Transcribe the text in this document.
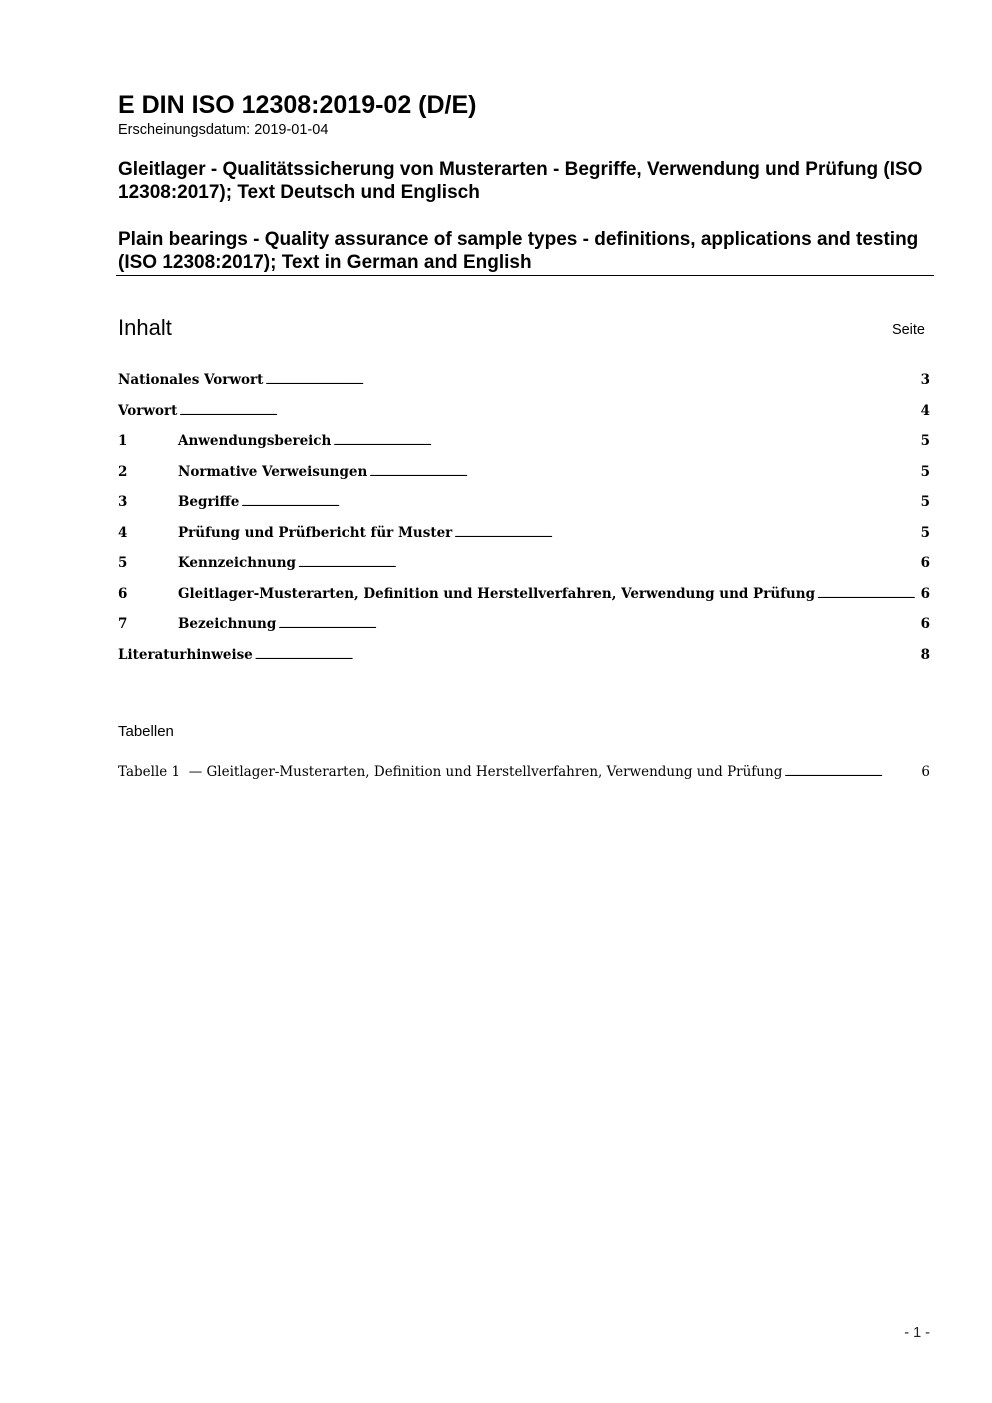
E DIN ISO 12308:2019-02 (D/E)
Erscheinungsdatum: 2019-01-04
Gleitlager - Qualitätssicherung von Musterarten - Begriffe, Verwendung und Prüfung (ISO 12308:2017); Text Deutsch und Englisch
Plain bearings - Quality assurance of sample types - definitions, applications and testing (ISO 12308:2017); Text in German and English
Inhalt	Seite
Nationales Vorwort . . .	3
Vorwort . . .	4
1	Anwendungsbereich . . .	5
2	Normative Verweisungen . . .	5
3	Begriffe . . .	5
4	Prüfung und Prüfbericht für Muster . . .	5
5	Kennzeichnung . . .	6
6	Gleitlager-Musterarten, Definition und Herstellverfahren, Verwendung und Prüfung . . .	6
7	Bezeichnung . . .	6
Literaturhinweise . . .	8
Tabellen
Tabelle 1  — Gleitlager-Musterarten, Definition und Herstellverfahren, Verwendung und Prüfung . . .	6
- 1 -
